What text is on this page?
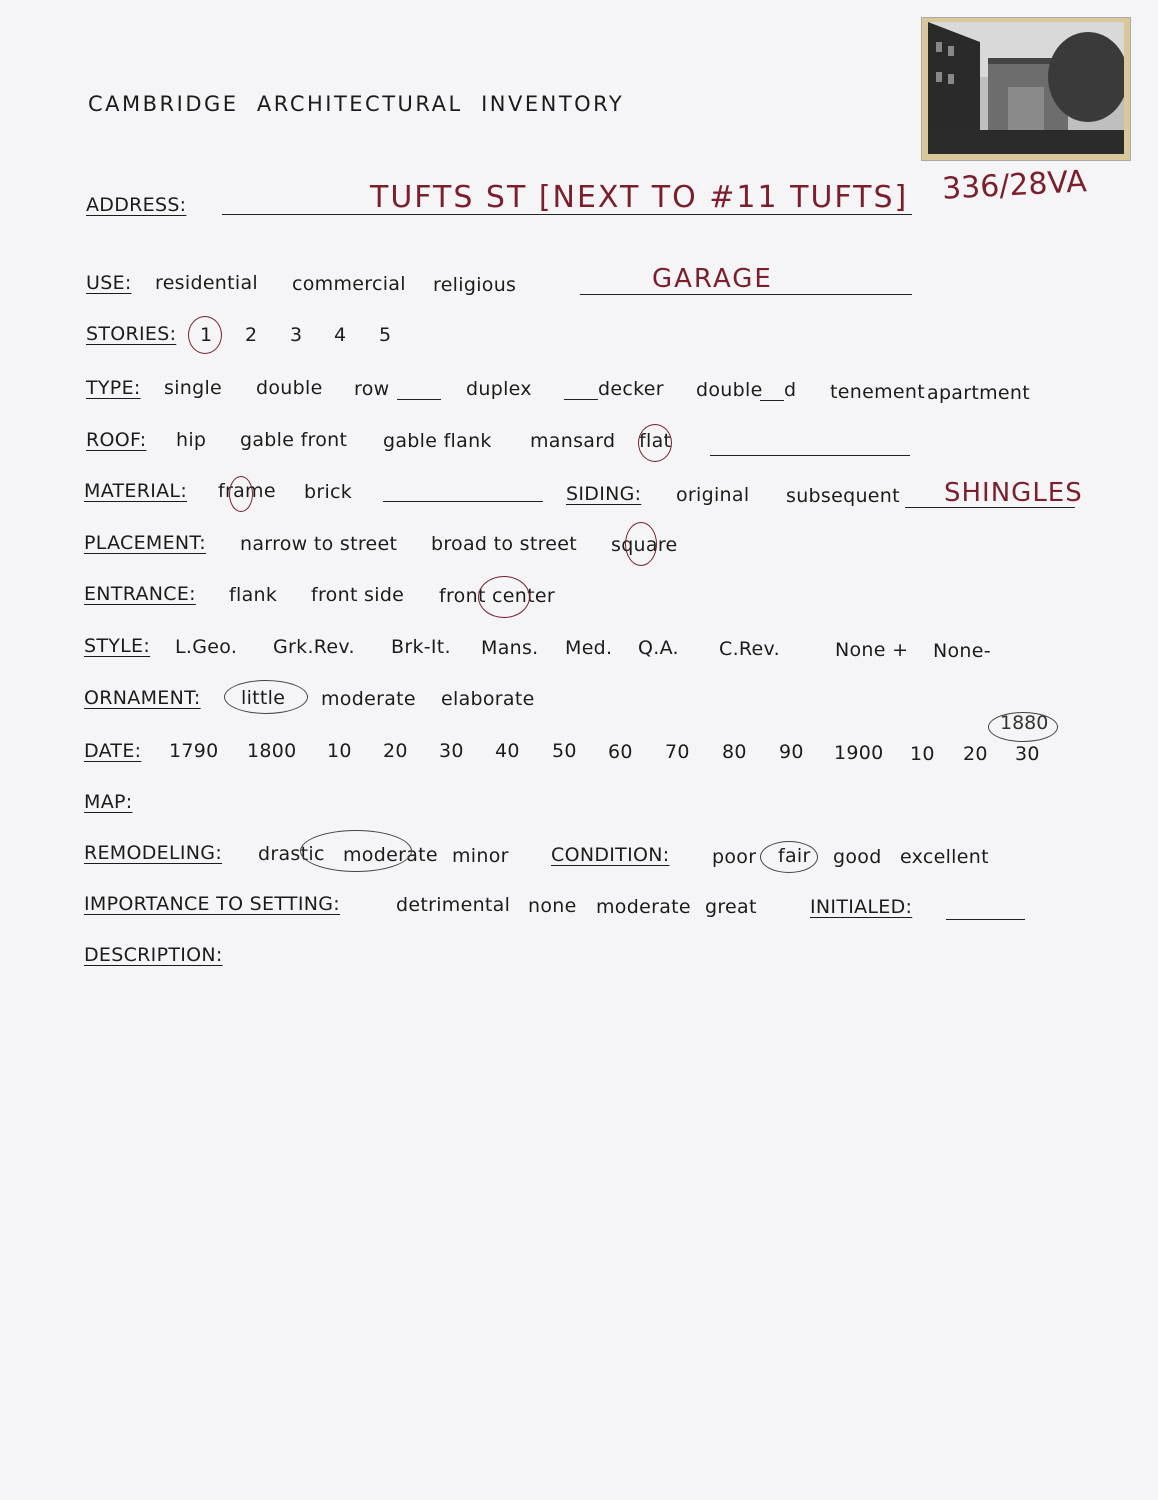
CAMBRIDGE  ARCHITECTURAL  INVENTORY
336/28VA
ADDRESS:	TUFTS ST [NEXT TO #11 TUFTS]
USE: residential commercial religious	GARAGE
STORIES: 1 2 3 4 5
TYPE: single double row	duplex	decker double d tenement apartment
ROOF: hip gable front gable flank mansard flat
MATERIAL: frame brick	SIDING: original subsequent SHINGLES
PLACEMENT: narrow to street broad to street square
ENTRANCE: flank front side front center
STYLE: L.Geo. Grk.Rev. Brk-It. Mans. Med. Q.A. C.Rev.	None + None-
ORNAMENT: little moderate elaborate
DATE: 1790 1800 10 20 30 40 50 60 70 80 90 1900 10 20 30
1880
MAP:
REMODELING: drastic moderate minor CONDITION: poor fair good excellent
IMPORTANCE TO SETTING:	detrimental none moderate great	INITIALED:
DESCRIPTION:
